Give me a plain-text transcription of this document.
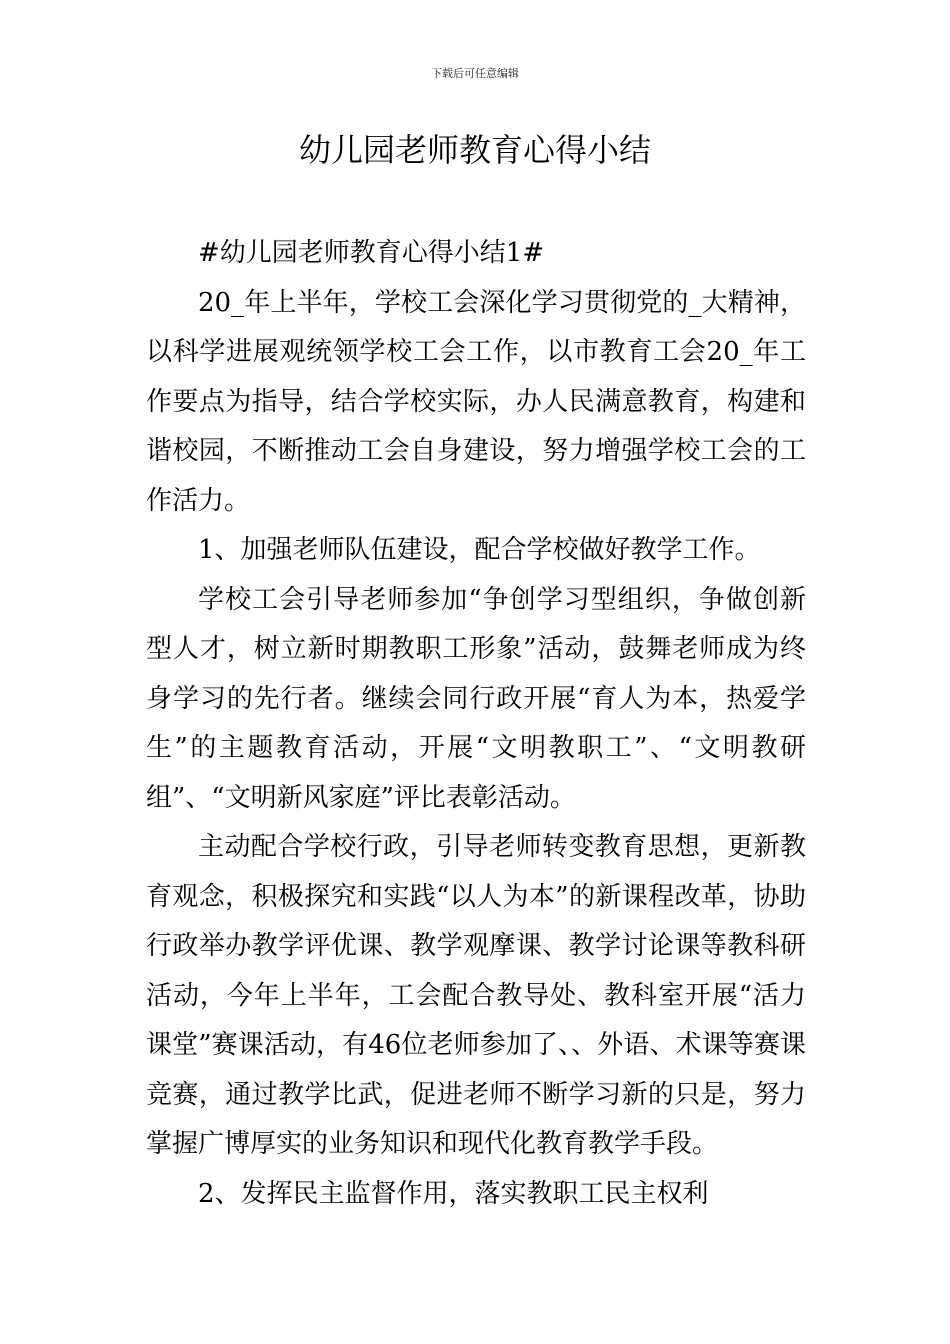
下载后可任意编辑
幼儿园老师教育心得小结

#幼儿园老师教育心得小结1#

20_年上半年，学校工会深化学习贯彻党的_大精神，以科学进展观统领学校工会工作，以市教育工会20_年工作要点为指导，结合学校实际，办人民满意教育，构建和谐校园，不断推动工会自身建设，努力增强学校工会的工作活力。

1、加强老师队伍建设，配合学校做好教学工作。

学校工会引导老师参加“争创学习型组织，争做创新型人才，树立新时期教职工形象”活动，鼓舞老师成为终身学习的先行者。继续会同行政开展“育人为本，热爱学生”的主题教育活动，开展“文明教职工”、“文明教研组”、“文明新风家庭”评比表彰活动。

主动配合学校行政，引导老师转变教育思想，更新教育观念，积极探究和实践“以人为本”的新课程改革，协助行政举办教学评优课、教学观摩课、教学讨论课等教科研活动，今年上半年，工会配合教导处、教科室开展“活力课堂”赛课活动，有46位老师参加了、、外语、术课等赛课竞赛，通过教学比武，促进老师不断学习新的只是，努力掌握广博厚实的业务知识和现代化教育教学手段。

2、发挥民主监督作用，落实教职工民主权利
